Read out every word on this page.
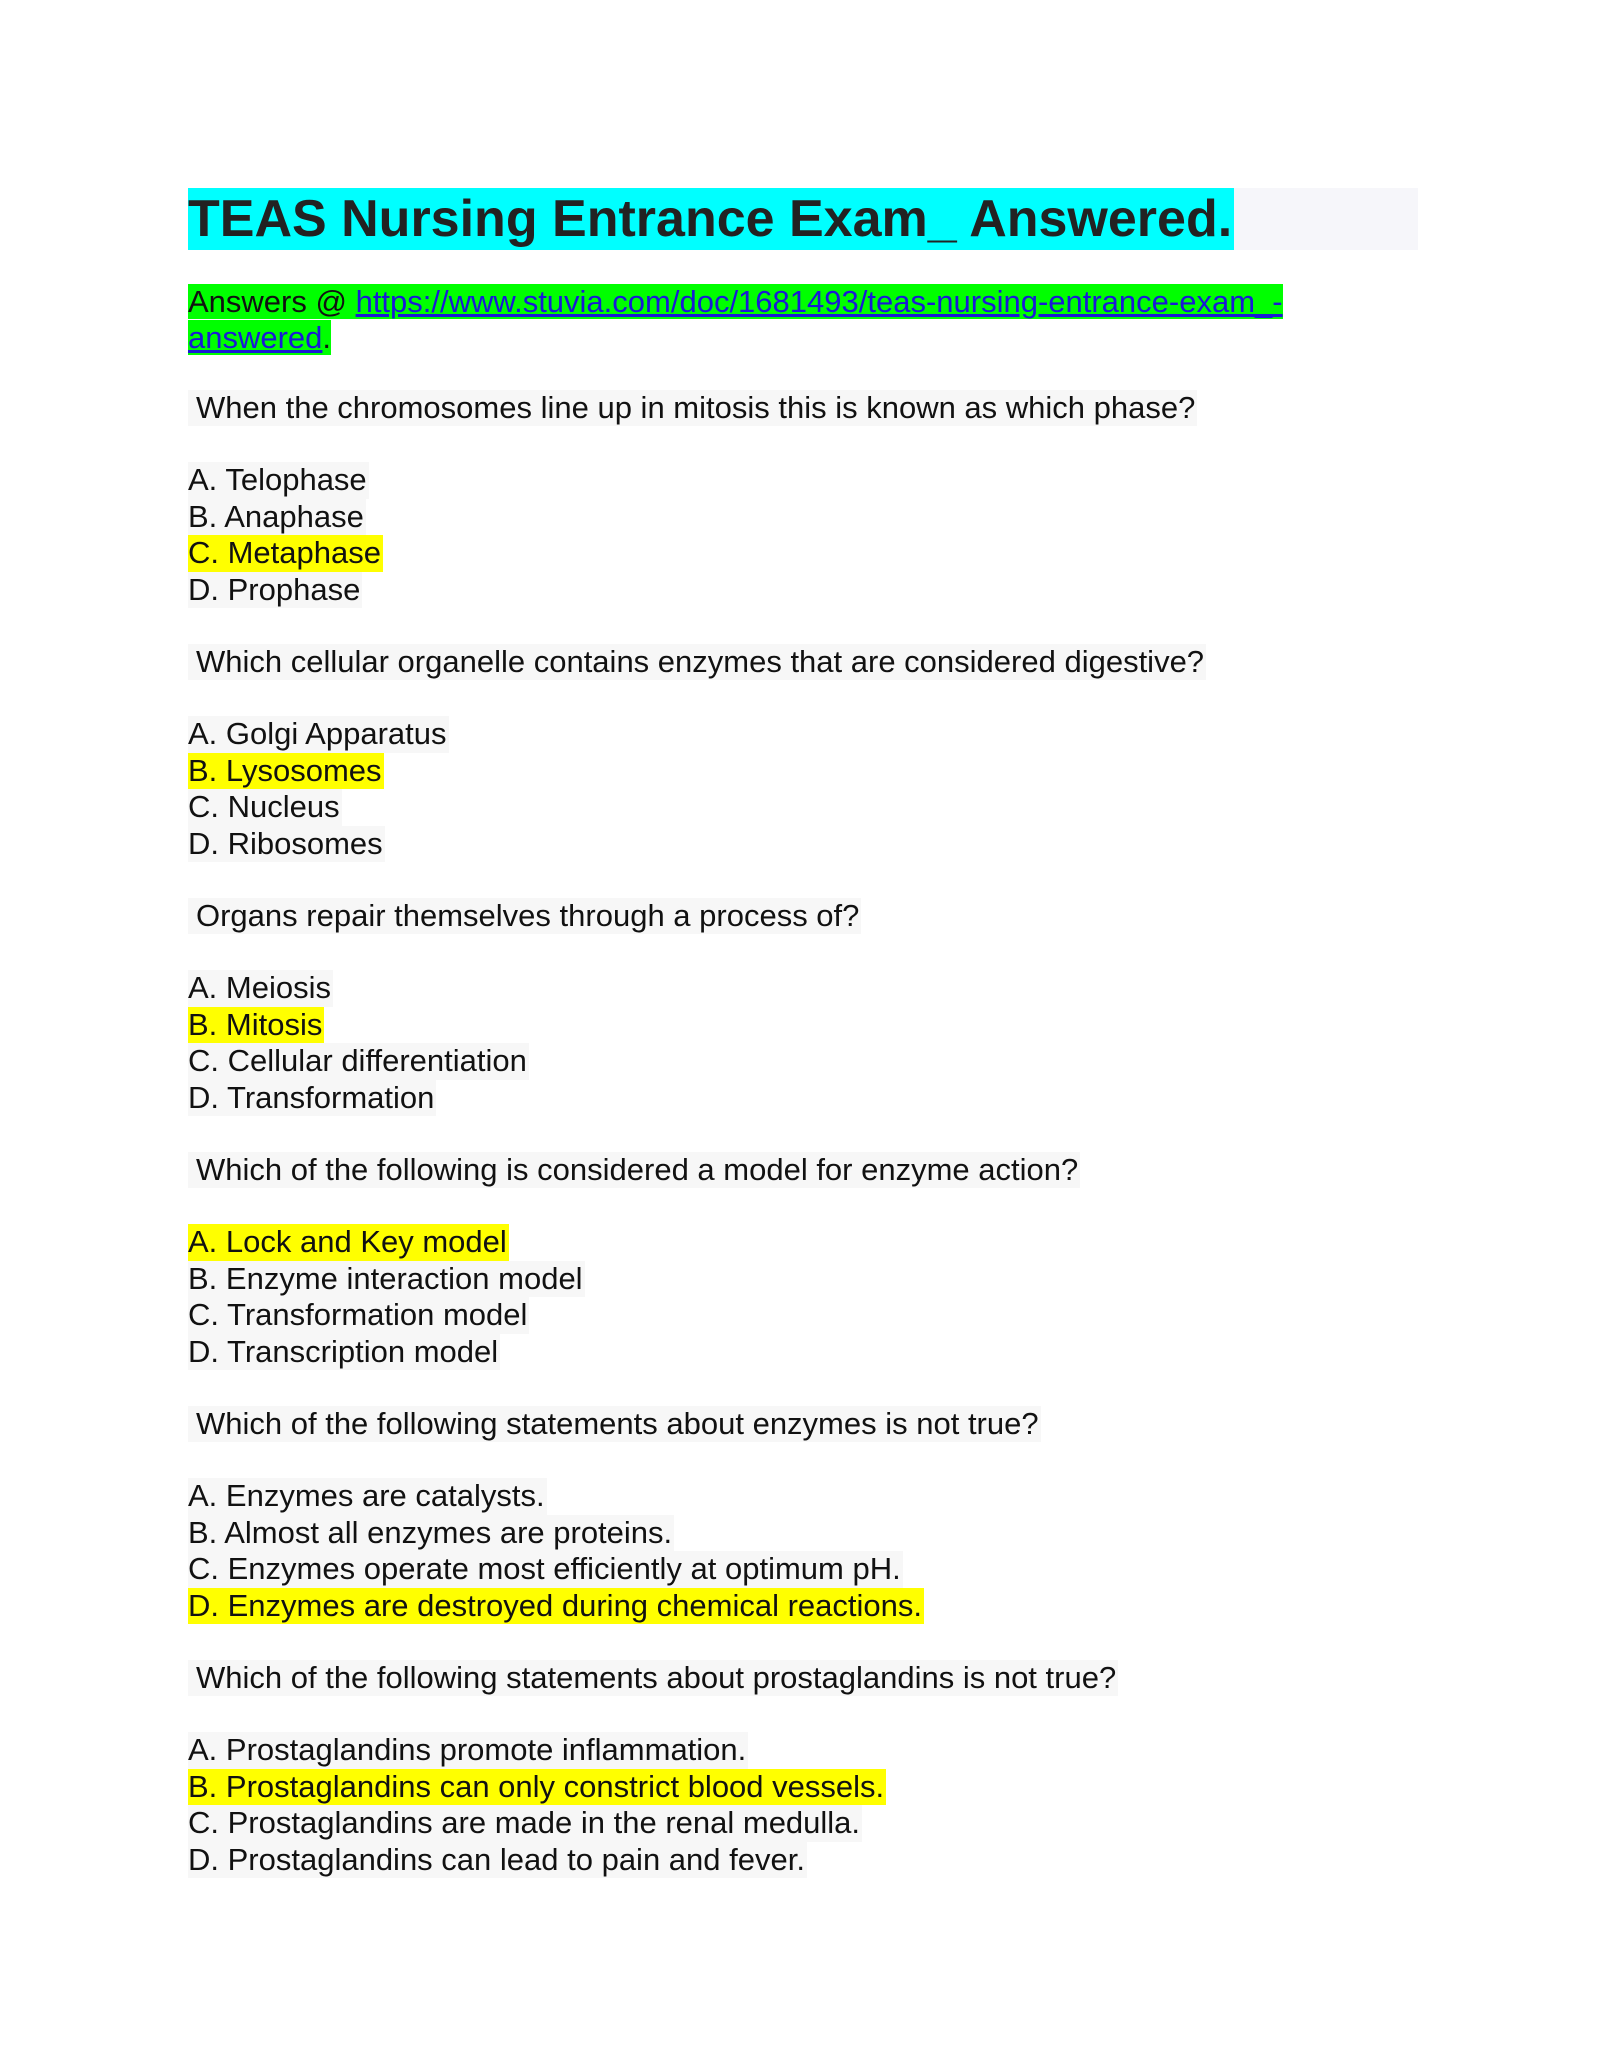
TEAS Nursing Entrance Exam_ Answered.
Answers @ https://www.stuvia.com/doc/1681493/teas-nursing-entrance-exam_-
answered.
When the chromosomes line up in mitosis this is known as which phase?
A. Telophase
B. Anaphase
C. Metaphase
D. Prophase
Which cellular organelle contains enzymes that are considered digestive?
A. Golgi Apparatus
B. Lysosomes
C. Nucleus
D. Ribosomes
Organs repair themselves through a process of?
A. Meiosis
B. Mitosis
C. Cellular differentiation
D. Transformation
Which of the following is considered a model for enzyme action?
A. Lock and Key model
B. Enzyme interaction model
C. Transformation model
D. Transcription model
Which of the following statements about enzymes is not true?
A. Enzymes are catalysts.
B. Almost all enzymes are proteins.
C. Enzymes operate most efficiently at optimum pH.
D. Enzymes are destroyed during chemical reactions.
Which of the following statements about prostaglandins is not true?
A. Prostaglandins promote inflammation.
B. Prostaglandins can only constrict blood vessels.
C. Prostaglandins are made in the renal medulla.
D. Prostaglandins can lead to pain and fever.
